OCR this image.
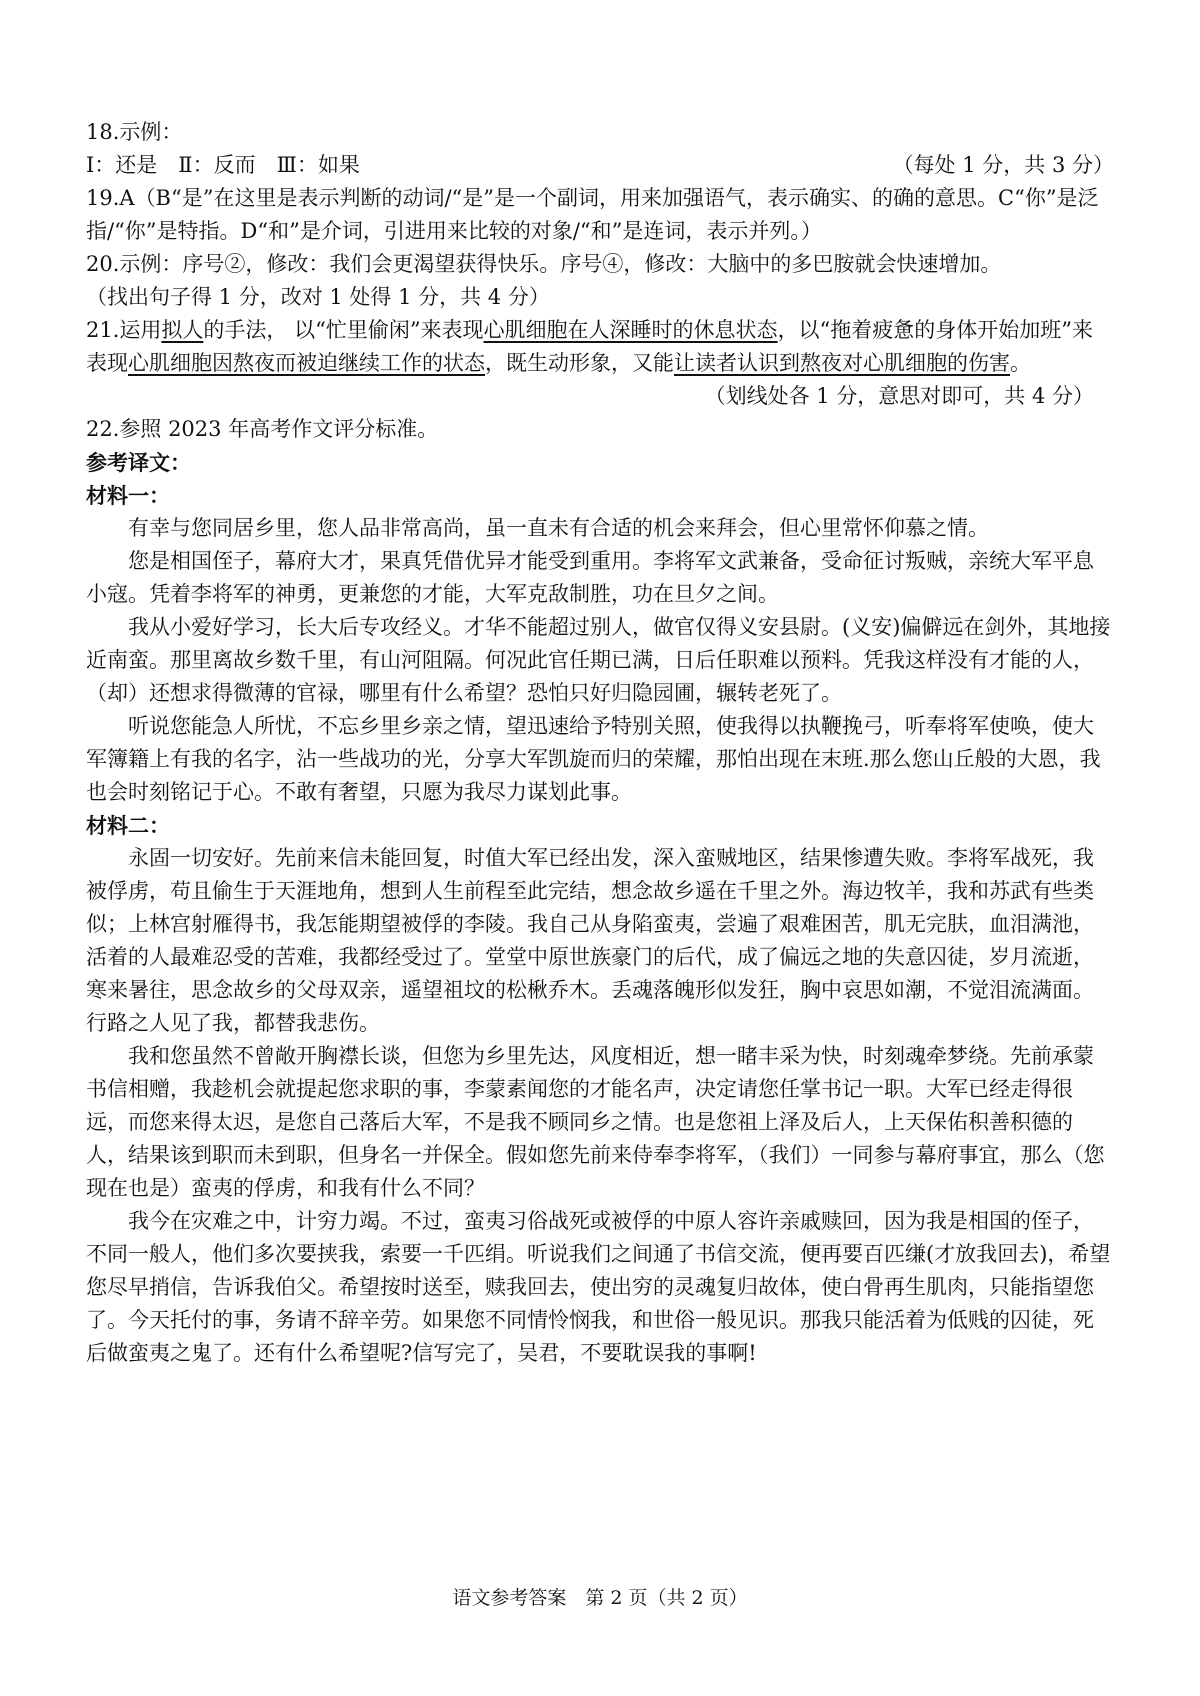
18.示例：
Ⅰ：还是　Ⅱ：反而　Ⅲ：如果	（每处 1 分，共 3 分）
19.A（B“是”在这里是表示判断的动词/“是”是一个副词，用来加强语气，表示确实、的确的意思。C“你”是泛指/“你”是特指。D“和”是介词，引进用来比较的对象/“和”是连词，表示并列。）
20.示例：序号②，修改：我们会更渴望获得快乐。序号④，修改：大脑中的多巴胺就会快速增加。
（找出句子得 1 分，改对 1 处得 1 分，共 4 分）
21.运用拟人的手法， 以“忙里偷闲”来表现心肌细胞在人深睡时的休息状态，以“拖着疲惫的身体开始加班”来表现心肌细胞因熬夜而被迫继续工作的状态，既生动形象，又能让读者认识到熬夜对心肌细胞的伤害。
（划线处各 1 分，意思对即可，共 4 分）
22.参照 2023 年高考作文评分标准。
参考译文：
材料一：

有幸与您同居乡里，您人品非常高尚，虽一直未有合适的机会来拜会，但心里常怀仰慕之情。

您是相国侄子，幕府大才，果真凭借优异才能受到重用。李将军文武兼备，受命征讨叛贼，亲统大军平息小寇。凭着李将军的神勇，更兼您的才能，大军克敌制胜，功在旦夕之间。

我从小爱好学习，长大后专攻经义。才华不能超过别人，做官仅得义安县尉。(义安)偏僻远在剑外，其地接近南蛮。那里离故乡数千里，有山河阻隔。何况此官任期已满，日后任职难以预料。凭我这样没有才能的人，（却）还想求得微薄的官禄，哪里有什么希望？恐怕只好归隐园圃，辗转老死了。

听说您能急人所忧，不忘乡里乡亲之情，望迅速给予特别关照，使我得以执鞭挽弓，听奉将军使唤，使大军簿籍上有我的名字，沾一些战功的光，分享大军凯旋而归的荣耀，那怕出现在末班.那么您山丘般的大恩，我也会时刻铭记于心。不敢有奢望，只愿为我尽力谋划此事。

材料二：

永固一切安好。先前来信未能回复，时值大军已经出发，深入蛮贼地区，结果惨遭失败。李将军战死，我被俘虏，苟且偷生于天涯地角，想到人生前程至此完结，想念故乡遥在千里之外。海边牧羊，我和苏武有些类似；上林宫射雁得书，我怎能期望被俘的李陵。我自己从身陷蛮夷，尝遍了艰难困苦，肌无完肤，血泪满池，活着的人最难忍受的苦难，我都经受过了。堂堂中原世族豪门的后代，成了偏远之地的失意囚徒，岁月流逝，寒来暑往，思念故乡的父母双亲，遥望祖坟的松楸乔木。丢魂落魄形似发狂，胸中哀思如潮，不觉泪流满面。行路之人见了我，都替我悲伤。

我和您虽然不曾敞开胸襟长谈，但您为乡里先达，风度相近，想一睹丰采为快，时刻魂牵梦绕。先前承蒙书信相赠，我趁机会就提起您求职的事，李蒙素闻您的才能名声，决定请您任掌书记一职。大军已经走得很远，而您来得太迟，是您自己落后大军，不是我不顾同乡之情。也是您祖上泽及后人，上天保佑积善积德的人，结果该到职而未到职，但身名一并保全。假如您先前来侍奉李将军，（我们）一同参与幕府事宜，那么（您现在也是）蛮夷的俘虏，和我有什么不同？

我今在灾难之中，计穷力竭。不过，蛮夷习俗战死或被俘的中原人容许亲戚赎回，因为我是相国的侄子，不同一般人，他们多次要挟我，索要一千匹绢。听说我们之间通了书信交流，便再要百匹缣(才放我回去)，希望您尽早捎信，告诉我伯父。希望按时送至，赎我回去，使出穷的灵魂复归故体，使白骨再生肌肉，只能指望您了。今天托付的事，务请不辞辛劳。如果您不同情怜悯我，和世俗一般见识。那我只能活着为低贱的囚徒，死后做蛮夷之鬼了。还有什么希望呢?信写完了，吴君，不要耽误我的事啊!

语文参考答案　第 2 页（共 2 页）
